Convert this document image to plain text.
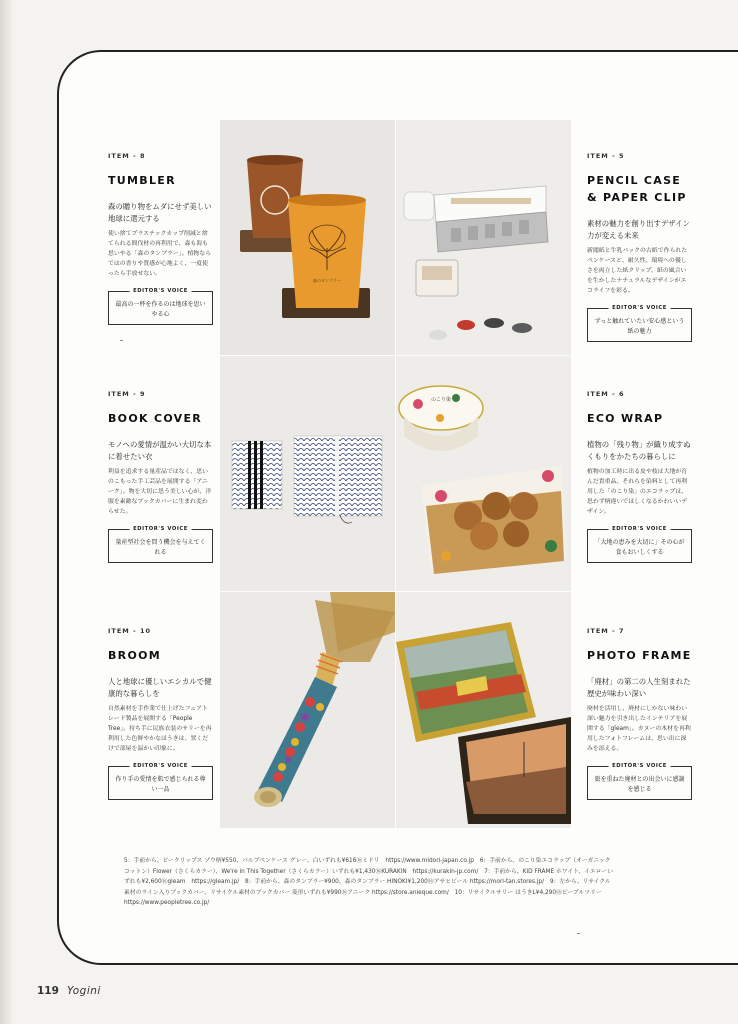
森のタンブラー
のこり染
ITEM - 8
TUMBLER
森の贈り物をムダにせず美しい地球に還元する
使い捨てプラスチックカップ削減と捨てられる間伐材の再利用で、森も海も思いやる「森のタンブラー」。植物ならではの香りや質感が心地よく、一度使ったら手放せない。
EDITOR'S VOICE
最高の一杯を作るのは地球を思いやる心
ITEM - 9
BOOK COVER
モノへの愛情が温かい大切な本に着せたい衣
利益を追求する量産品ではなく、思いのこもった手工芸品を展開する「アニーク」。物を大切に思う美しい心が、洋服を素敵なブックカバーに生まれ変わらせた。
EDITOR'S VOICE
量産型社会を問う機会を与えてくれる
ITEM - 10
BROOM
人と地球に優しいエシカルで健康的な暮らしを
自然素材を手作業で仕上げたフェアトレード製品を展開する「People Tree」。持ち手に民族衣装のサリーを再利用した色鮮やかなほうきは、置くだけで部屋を温かい印象に。
EDITOR'S VOICE
作り手の愛情を肌で感じられる尊い一品
ITEM - 5
PENCIL CASE & PAPER CLIP
素材の魅力を創り出すデザイン力が変える未来
新聞紙と牛乳パックの古紙で作られたペンケースと、耐久性、環境への優しさを両立した紙クリップ。紙の風合いを生かしたナチュラルなデザインがエコライフを彩る。
EDITOR'S VOICE
ずっと触れていたい安心感という紙の魅力
ITEM - 6
ECO WRAP
植物の「残り物」が織り成すぬくもりをかたちの暮らしに
植物の加工時に出る皮や枝は大地が育んだ貴重品。それらを染料として再利用した「のこり染」のエコラップは、思わず柄違いでほしくなるかわいいデザイン。
EDITOR'S VOICE
「大地の恵みを大切に」その心が食もおいしくする
ITEM - 7
PHOTO FRAME
「廃材」の第二の人生刻まれた歴史が味わい深い
廃材を活用し、廃材にしかない味わい深い魅力を引き出したインテリアを展開する「gleam」。カヌーの木材を再利用したフォトフレームは、思い出に深みを添える。
EDITOR'S VOICE
旅を重ねた廃材との出会いに感謝を感じる
5：手前から、ピークリップス ゾウ柄¥550、パルプペンケース グレー、白いずれも¥616⑯ミドリ　https://www.midori-japan.co.jp　6：手前から、のこり染エコラップ（オーガニックコットン）Flower（さくらカラー）、We're in This Together（さくらカラー）いずれも¥1,430⑯KURAKIN　https://kurakin-jp.com/　7：手前から、KID FRAME ホワイト、イエローいずれも¥2,600⑯gleam　https://gleam.jp/　8：手前から、森のタンブラー¥900、森のタンブラー HINOKI¥1,200⑯アサヒビール https://mori-tan.stores.jp/　9：左から、リサイクル素材のライン入りブックカバー、リサイクル素材のブックカバー 菱形いずれも¥990⑯アニーク https://store.anieque.com/　10：リサイクルサリー ほうきL¥4,290⑯ピープルツリー　https://www.peopletree.co.jp/
119 Yogini
